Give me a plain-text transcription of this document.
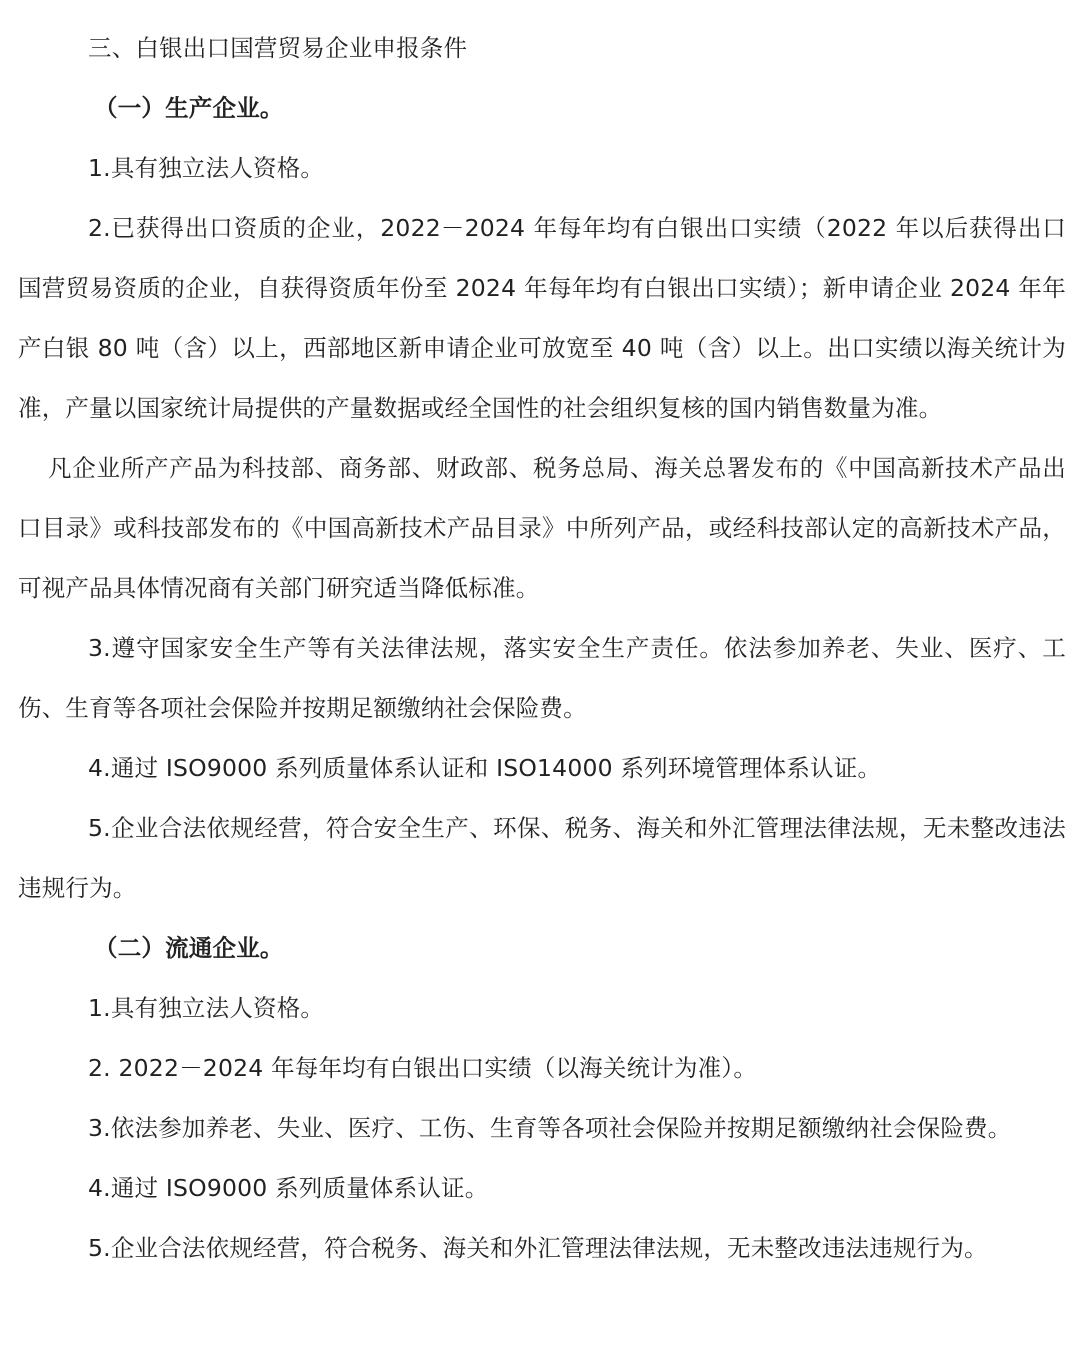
三、白银出口国营贸易企业申报条件

（一）生产企业。

1.具有独立法人资格。

2.已获得出口资质的企业，2022－2024 年每年均有白银出口实绩（2022 年以后获得出口国营贸易资质的企业，自获得资质年份至 2024 年每年均有白银出口实绩）；新申请企业 2024 年年产白银 80 吨（含）以上，西部地区新申请企业可放宽至 40 吨（含）以上。出口实绩以海关统计为准，产量以国家统计局提供的产量数据或经全国性的社会组织复核的国内销售数量为准。

凡企业所产产品为科技部、商务部、财政部、税务总局、海关总署发布的《中国高新技术产品出口目录》或科技部发布的《中国高新技术产品目录》中所列产品，或经科技部认定的高新技术产品，可视产品具体情况商有关部门研究适当降低标准。

3.遵守国家安全生产等有关法律法规，落实安全生产责任。依法参加养老、失业、医疗、工伤、生育等各项社会保险并按期足额缴纳社会保险费。

4.通过 ISO9000 系列质量体系认证和 ISO14000 系列环境管理体系认证。

5.企业合法依规经营，符合安全生产、环保、税务、海关和外汇管理法律法规，无未整改违法违规行为。

（二）流通企业。

1.具有独立法人资格。

2. 2022－2024 年每年均有白银出口实绩（以海关统计为准）。

3.依法参加养老、失业、医疗、工伤、生育等各项社会保险并按期足额缴纳社会保险费。

4.通过 ISO9000 系列质量体系认证。

5.企业合法依规经营，符合税务、海关和外汇管理法律法规，无未整改违法违规行为。
